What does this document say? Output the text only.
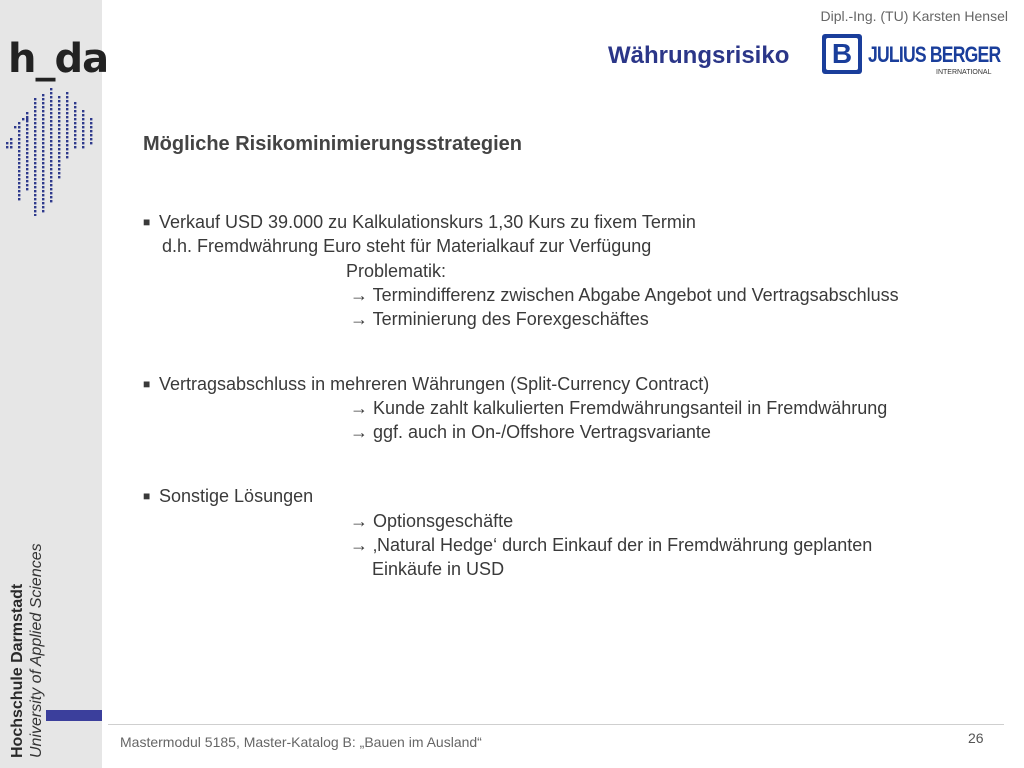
h_da
Hochschule Darmstadt University of Applied Sciences
Dipl.-Ing. (TU) Karsten Hensel
Währungsrisiko B JULIUS BERGER
INTERNATIONAL
Mögliche Risikominimierungsstrategien
■ Verkauf USD 39.000 zu Kalkulationskurs 1,30 Kurs zu fixem Termin
d.h. Fremdwährung Euro steht für Materialkauf zur Verfügung
Problematik:
→ Termindifferenz zwischen Abgabe Angebot und Vertragsabschluss
→ Terminierung des Forexgeschäftes
■ Vertragsabschluss in mehreren Währungen (Split-Currency Contract)
→ Kunde zahlt kalkulierten Fremdwährungsanteil in Fremdwährung
→ ggf. auch in On-/Offshore Vertragsvariante
■ Sonstige Lösungen
→ Optionsgeschäfte
→ ‚Natural Hedge‘ durch Einkauf der in Fremdwährung geplanten
Einkäufe in USD
Mastermodul 5185, Master-Katalog B: „Bauen im Ausland“	26
